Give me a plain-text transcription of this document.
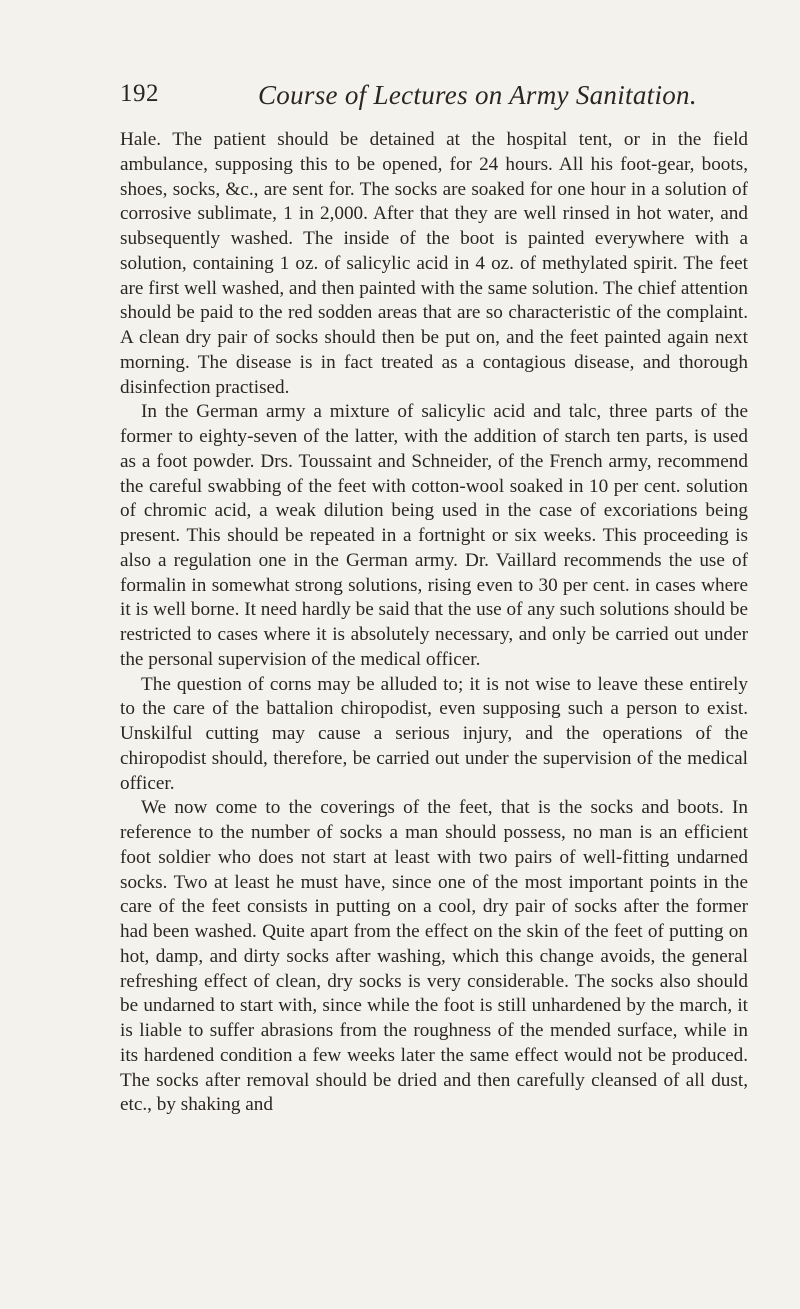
192	Course of Lectures on Army Sanitation.

Hale. The patient should be detained at the hospital tent, or in the field ambulance, supposing this to be opened, for 24 hours. All his foot-gear, boots, shoes, socks, &c., are sent for. The socks are soaked for one hour in a solution of corrosive sublimate, 1 in 2,000. After that they are well rinsed in hot water, and subsequently washed. The inside of the boot is painted everywhere with a solution, containing 1 oz. of salicylic acid in 4 oz. of methylated spirit. The feet are first well washed, and then painted with the same solution. The chief attention should be paid to the red sodden areas that are so characteristic of the complaint. A clean dry pair of socks should then be put on, and the feet painted again next morning. The disease is in fact treated as a contagious disease, and thorough disinfection practised.

In the German army a mixture of salicylic acid and talc, three parts of the former to eighty-seven of the latter, with the addition of starch ten parts, is used as a foot powder. Drs. Toussaint and Schneider, of the French army, recommend the careful swabbing of the feet with cotton-wool soaked in 10 per cent. solution of chromic acid, a weak dilution being used in the case of excoriations being present. This should be repeated in a fortnight or six weeks. This proceeding is also a regulation one in the German army. Dr. Vaillard recommends the use of formalin in somewhat strong solutions, rising even to 30 per cent. in cases where it is well borne. It need hardly be said that the use of any such solutions should be restricted to cases where it is absolutely necessary, and only be carried out under the personal supervision of the medical officer.

The question of corns may be alluded to; it is not wise to leave these entirely to the care of the battalion chiropodist, even supposing such a person to exist. Unskilful cutting may cause a serious injury, and the operations of the chiropodist should, therefore, be carried out under the supervision of the medical officer.

We now come to the coverings of the feet, that is the socks and boots. In reference to the number of socks a man should possess, no man is an efficient foot soldier who does not start at least with two pairs of well-fitting undarned socks. Two at least he must have, since one of the most important points in the care of the feet consists in putting on a cool, dry pair of socks after the former had been washed. Quite apart from the effect on the skin of the feet of putting on hot, damp, and dirty socks after washing, which this change avoids, the general refreshing effect of clean, dry socks is very considerable. The socks also should be undarned to start with, since while the foot is still unhardened by the march, it is liable to suffer abrasions from the roughness of the mended surface, while in its hardened condition a few weeks later the same effect would not be produced. The socks after removal should be dried and then carefully cleansed of all dust, etc., by shaking and
